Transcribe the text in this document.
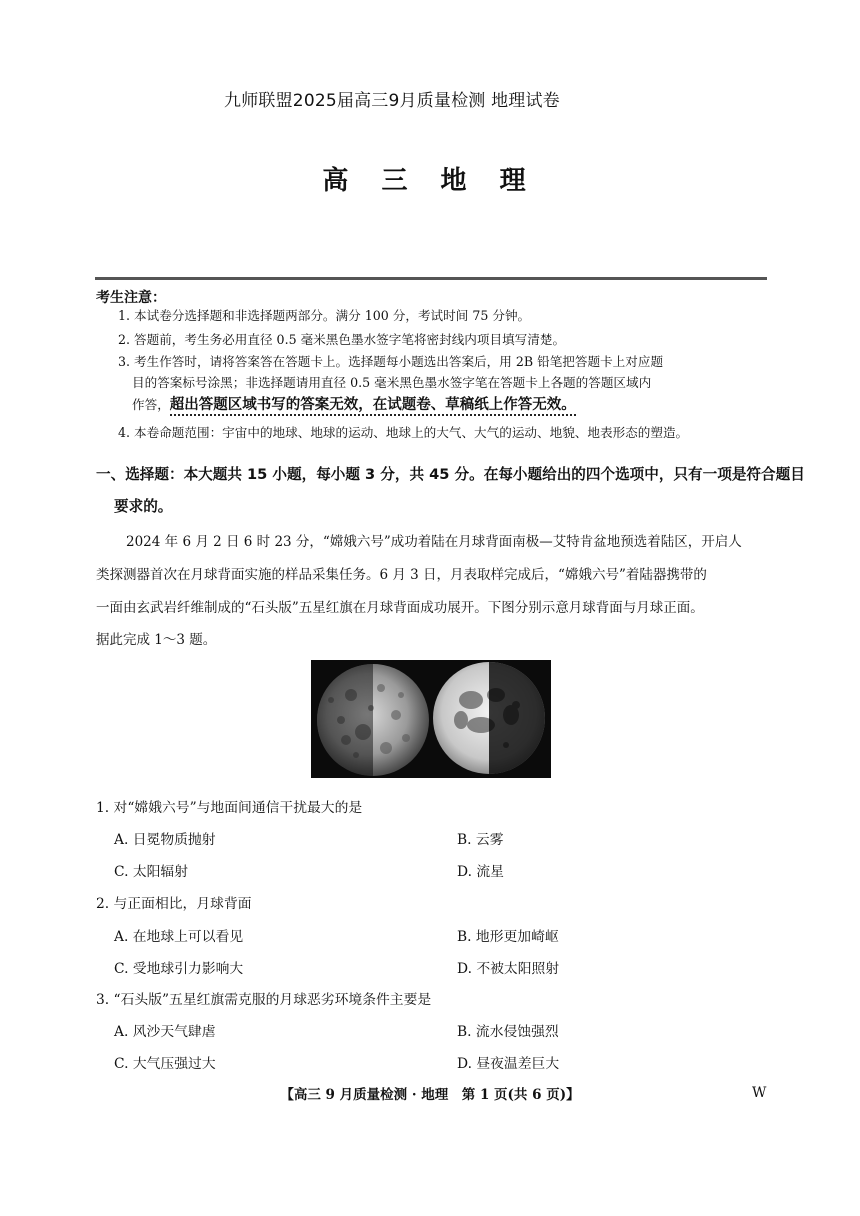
九师联盟2025届高三9月质量检测 地理试卷
高 三 地 理
考生注意：
1. 本试卷分选择题和非选择题两部分。满分 100 分，考试时间 75 分钟。
2. 答题前，考生务必用直径 0.5 毫米黑色墨水签字笔将密封线内项目填写清楚。
3. 考生作答时，请将答案答在答题卡上。选择题每小题选出答案后，用 2B 铅笔把答题卡上对应题
目的答案标号涂黑；非选择题请用直径 0.5 毫米黑色墨水签字笔在答题卡上各题的答题区域内
作答，超出答题区域书写的答案无效，在试题卷、草稿纸上作答无效。
4. 本卷命题范围：宇宙中的地球、地球的运动、地球上的大气、大气的运动、地貌、地表形态的塑造。
一、选择题：本大题共 15 小题，每小题 3 分，共 45 分。在每小题给出的四个选项中，只有一项是符合题目
要求的。
2024 年 6 月 2 日 6 时 23 分，“嫦娥六号”成功着陆在月球背面南极—艾特肯盆地预选着陆区，开启人
类探测器首次在月球背面实施的样品采集任务。6 月 3 日，月表取样完成后，“嫦娥六号”着陆器携带的
一面由玄武岩纤维制成的“石头版”五星红旗在月球背面成功展开。下图分别示意月球背面与月球正面。
据此完成 1～3 题。
1. 对“嫦娥六号”与地面间通信干扰最大的是
A. 日冕物质抛射	B. 云雾
C. 太阳辐射	D. 流星
2. 与正面相比，月球背面
A. 在地球上可以看见	B. 地形更加崎岖
C. 受地球引力影响大	D. 不被太阳照射
3. “石头版”五星红旗需克服的月球恶劣环境条件主要是
A. 风沙天气肆虐	B. 流水侵蚀强烈
C. 大气压强过大	D. 昼夜温差巨大
【高三 9 月质量检测 · 地理　第 1 页(共 6 页)】	W
